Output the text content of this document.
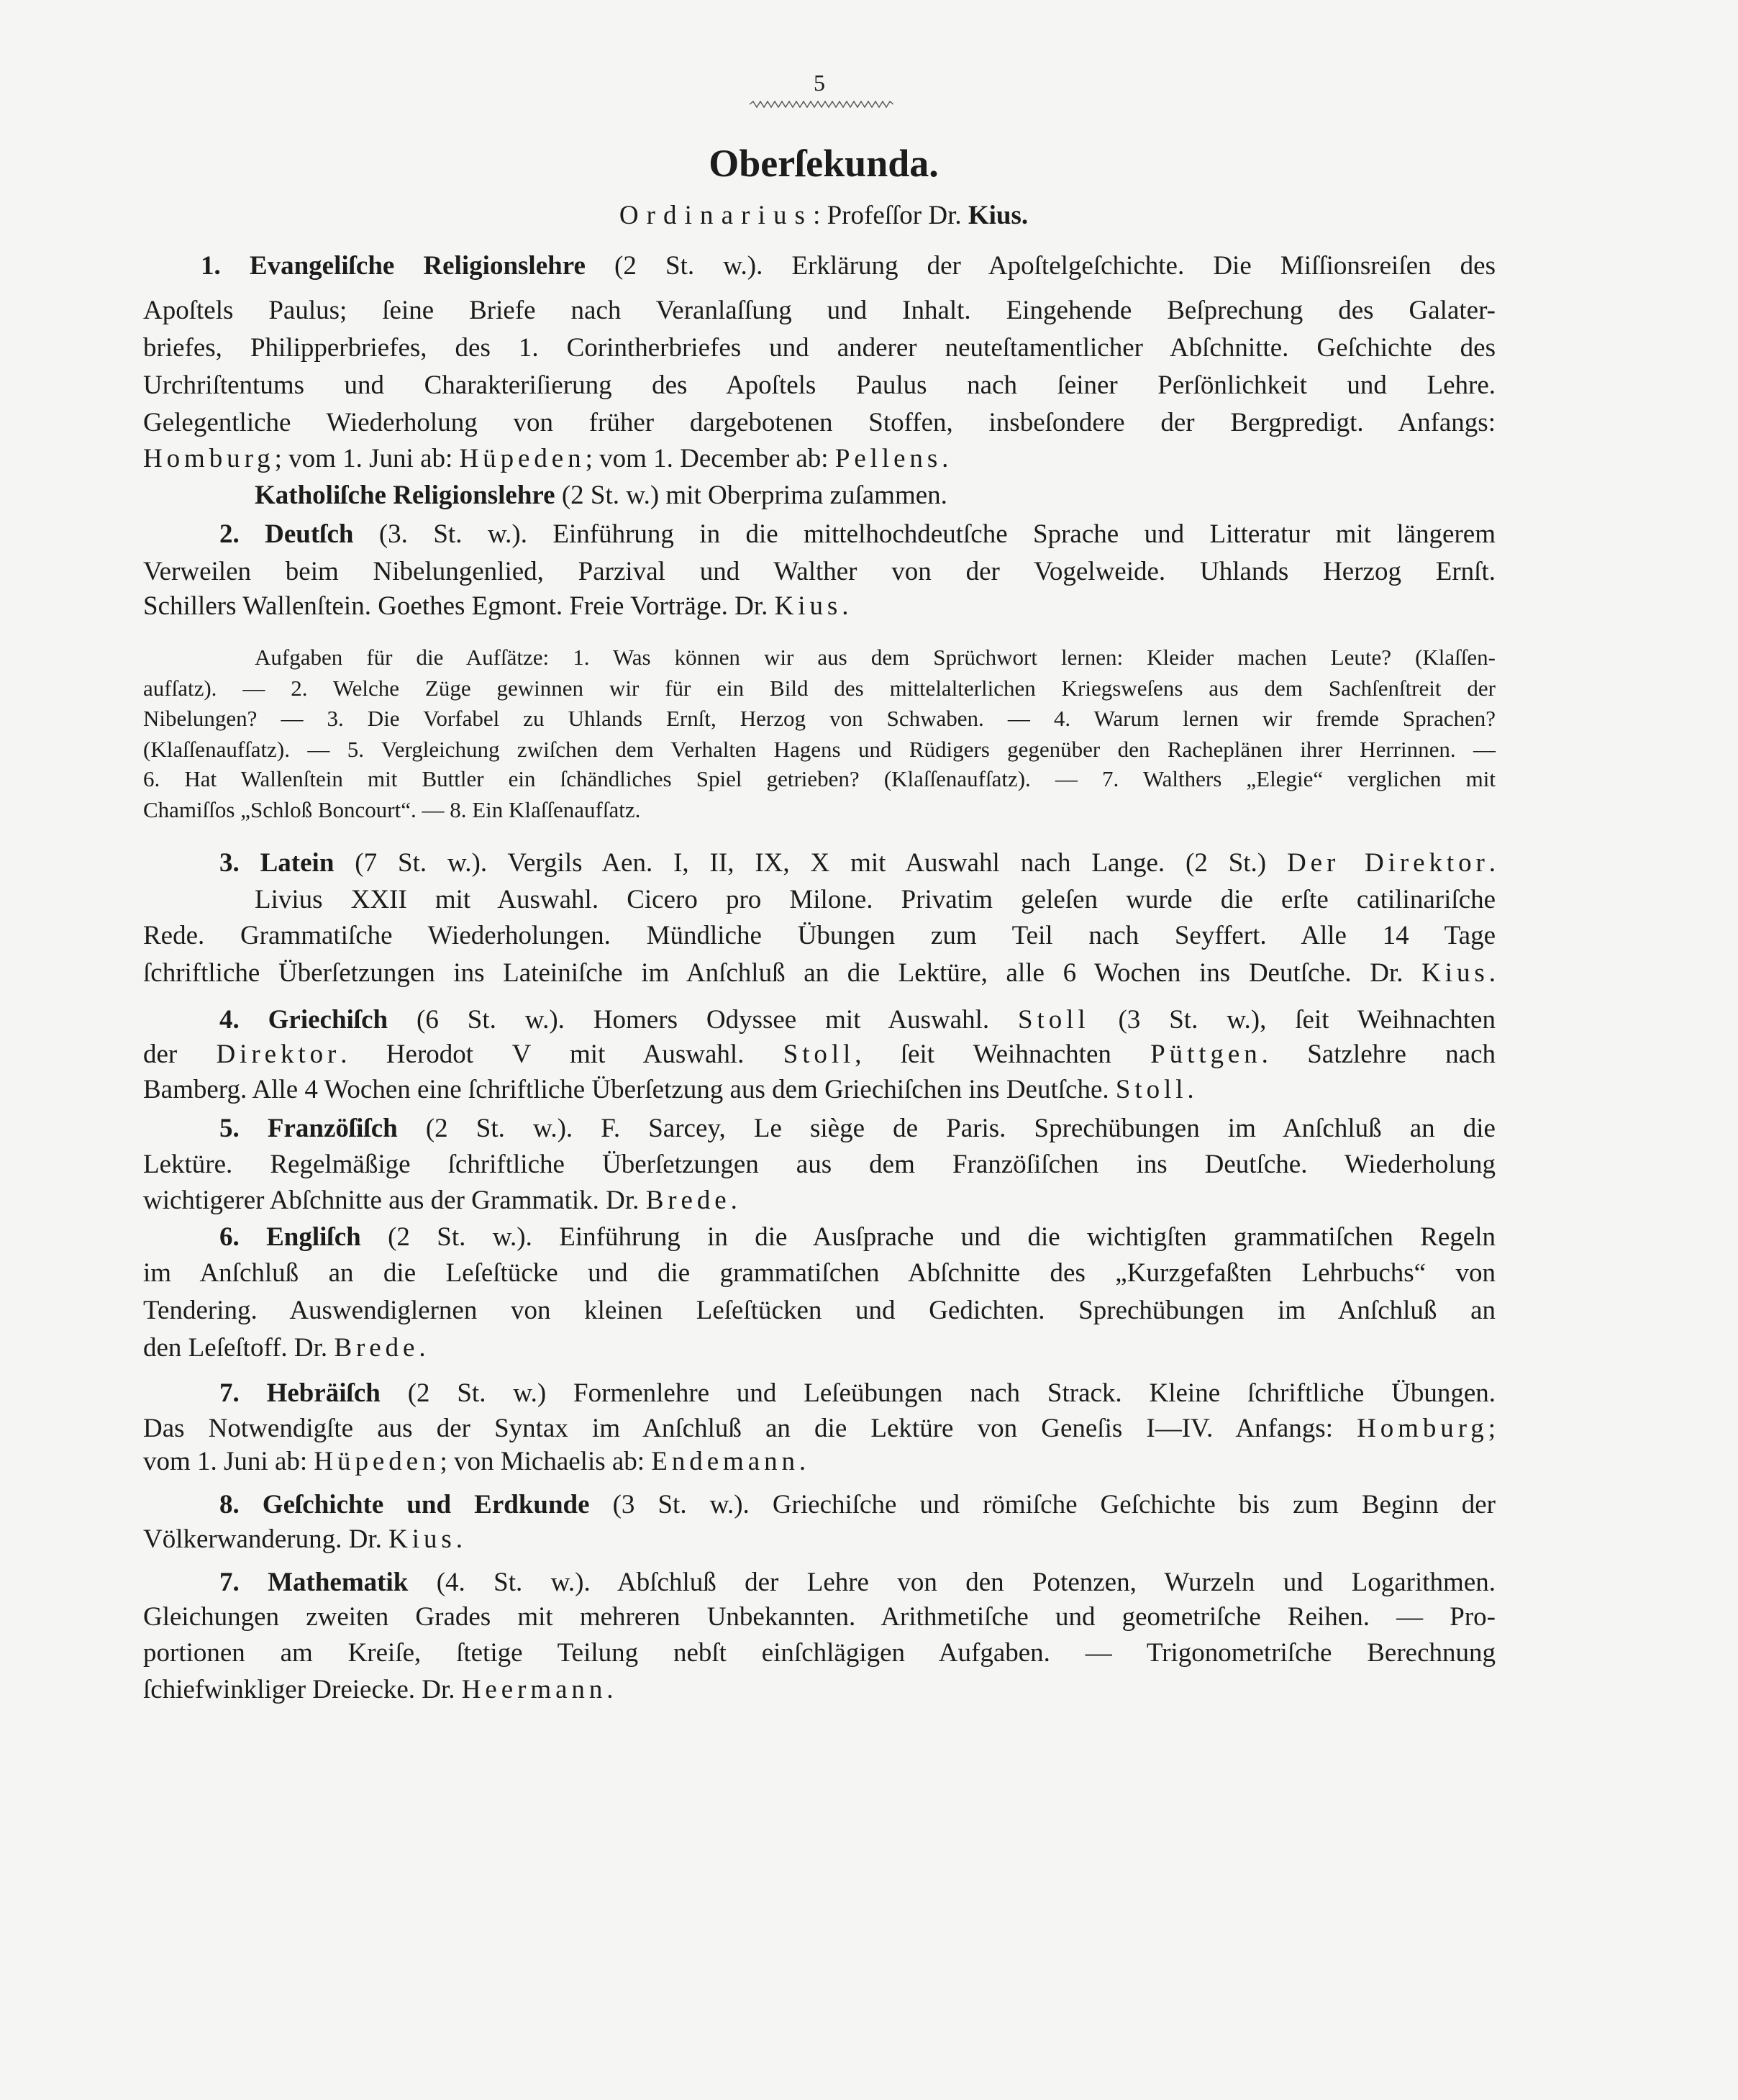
5
Oberſekunda.
Ordinarius: Profeſſor Dr. Kius.
1. Evangeliſche Religionslehre (2 St. w.). Erklärung der Apoſtelgeſchichte. Die Miſſionsreiſen des
Apoſtels Paulus; ſeine Briefe nach Veranlaſſung und Inhalt. Eingehende Beſprechung des Galater-
briefes, Philipperbriefes, des 1. Corintherbriefes und anderer neuteſtamentlicher Abſchnitte. Geſchichte des
Urchriſtentums und Charakteriſierung des Apoſtels Paulus nach ſeiner Perſönlichkeit und Lehre.
Gelegentliche Wiederholung von früher dargebotenen Stoffen, insbeſondere der Bergpredigt. Anfangs:
Homburg; vom 1. Juni ab: Hüpeden; vom 1. December ab: Pellens.
Katholiſche Religionslehre (2 St. w.) mit Oberprima zuſammen.
2. Deutſch (3. St. w.). Einführung in die mittelhochdeutſche Sprache und Litteratur mit längerem
Verweilen beim Nibelungenlied, Parzival und Walther von der Vogelweide. Uhlands Herzog Ernſt.
Schillers Wallenſtein. Goethes Egmont. Freie Vorträge. Dr. Kius.
Aufgaben für die Aufſätze: 1. Was können wir aus dem Sprüchwort lernen: Kleider machen Leute? (Klaſſen-
aufſatz). — 2. Welche Züge gewinnen wir für ein Bild des mittelalterlichen Kriegsweſens aus dem Sachſenſtreit der
Nibelungen? — 3. Die Vorfabel zu Uhlands Ernſt, Herzog von Schwaben. — 4. Warum lernen wir fremde Sprachen?
(Klaſſenaufſatz). — 5. Vergleichung zwiſchen dem Verhalten Hagens und Rüdigers gegenüber den Racheplänen ihrer Herrinnen. —
6. Hat Wallenſtein mit Buttler ein ſchändliches Spiel getrieben? (Klaſſenaufſatz). — 7. Walthers „Elegie“ verglichen mit
Chamiſſos „Schloß Boncourt“. — 8. Ein Klaſſenaufſatz.
3. Latein (7 St. w.). Vergils Aen. I, II, IX, X mit Auswahl nach Lange. (2 St.) Der Direktor.
Livius XXII mit Auswahl. Cicero pro Milone. Privatim geleſen wurde die erſte catilinariſche
Rede. Grammatiſche Wiederholungen. Mündliche Übungen zum Teil nach Seyffert. Alle 14 Tage
ſchriftliche Überſetzungen ins Lateiniſche im Anſchluß an die Lektüre, alle 6 Wochen ins Deutſche. Dr. Kius.
4. Griechiſch (6 St. w.). Homers Odyssee mit Auswahl. Stoll (3 St. w.), ſeit Weihnachten
der Direktor. Herodot V mit Auswahl. Stoll, ſeit Weihnachten Püttgen. Satzlehre nach
Bamberg. Alle 4 Wochen eine ſchriftliche Überſetzung aus dem Griechiſchen ins Deutſche. Stoll.
5. Franzöſiſch (2 St. w.). F. Sarcey, Le siège de Paris. Sprechübungen im Anſchluß an die
Lektüre. Regelmäßige ſchriftliche Überſetzungen aus dem Franzöſiſchen ins Deutſche. Wiederholung
wichtigerer Abſchnitte aus der Grammatik. Dr. Brede.
6. Engliſch (2 St. w.). Einführung in die Ausſprache und die wichtigſten grammatiſchen Regeln
im Anſchluß an die Leſeſtücke und die grammatiſchen Abſchnitte des „Kurzgefaßten Lehrbuchs“ von
Tendering. Auswendiglernen von kleinen Leſeſtücken und Gedichten. Sprechübungen im Anſchluß an
den Leſeſtoff. Dr. Brede.
7. Hebräiſch (2 St. w.) Formenlehre und Leſeübungen nach Strack. Kleine ſchriftliche Übungen.
Das Notwendigſte aus der Syntax im Anſchluß an die Lektüre von Geneſis I—IV. Anfangs: Homburg;
vom 1. Juni ab: Hüpeden; von Michaelis ab: Endemann.
8. Geſchichte und Erdkunde (3 St. w.). Griechiſche und römiſche Geſchichte bis zum Beginn der
Völkerwanderung. Dr. Kius.
7. Mathematik (4. St. w.). Abſchluß der Lehre von den Potenzen, Wurzeln und Logarithmen.
Gleichungen zweiten Grades mit mehreren Unbekannten. Arithmetiſche und geometriſche Reihen. — Pro-
portionen am Kreiſe, ſtetige Teilung nebſt einſchlägigen Aufgaben. — Trigonometriſche Berechnung
ſchiefwinkliger Dreiecke. Dr. Heermann.
